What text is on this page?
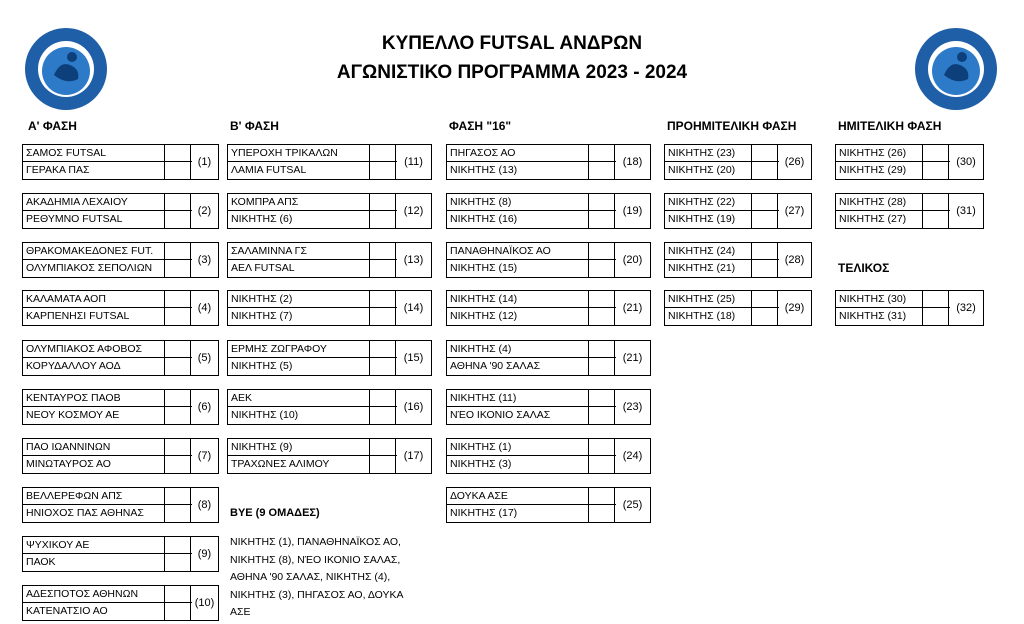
ΚΥΠΕΛΛΟ FUTSAL ΑΝΔΡΩΝ
ΑΓΩΝΙΣΤΙΚΟ ΠΡΟΓΡΑΜΜΑ 2023 - 2024
Α' ΦΑΣΗ	Β' ΦΑΣΗ	ΦΑΣΗ "16"	ΠΡΟΗΜΙΤΕΛΙΚΗ ΦΑΣΗ	ΗΜΙΤΕΛΙΚΗ ΦΑΣΗ
ΤΕΛΙΚΟΣ
BYE (9 ΟΜΑΔΕΣ)
ΝΙΚΗΤΗΣ (1), ΠΑΝΑΘΗΝΑΪΚΟΣ ΑΟ,
ΝΙΚΗΤΗΣ (8), ΝΈΟ ΙΚΟΝΙΟ ΣΑΛΑΣ,
ΑΘΗΝΑ '90 ΣΑΛΑΣ, ΝΙΚΗΤΗΣ (4),
ΝΙΚΗΤΗΣ (3), ΠΗΓΑΣΟΣ ΑΟ, ΔΟΥΚΑ
ΑΣΕ
ΣΑΜΟΣ FUTSAL
ΓΕΡΑΚΑ ΠΑΣ
(1)
ΑΚΑΔΗΜΙΑ ΛΕΧΑΙΟΥ
ΡΕΘΥΜΝΟ FUTSAL
(2)
ΘΡΑΚΟΜΑΚΕΔΟΝΕΣ FUT.
ΟΛΥΜΠΙΑΚΟΣ ΣΕΠΟΛΙΩΝ
(3)
ΚΑΛΑΜΑΤΑ ΑΟΠ
ΚΑΡΠΕΝΗΣΙ FUTSAL
(4)
ΟΛΥΜΠΙΑΚΟΣ ΑΦΟΒΟΣ
ΚΟΡΥΔΑΛΛΟΥ ΑΟΔ
(5)
ΚΕΝΤΑΥΡΟΣ ΠΑΟΒ
ΝΕΟΥ ΚΟΣΜΟΥ ΑΕ
(6)
ΠΑΟ ΙΩΑΝΝΙΝΩΝ
ΜΙΝΩΤΑΥΡΟΣ ΑΟ
(7)
ΒΕΛΛΕΡΕΦΩΝ ΑΠΣ
ΗΝΙΟΧΟΣ ΠΑΣ ΑΘΗΝΑΣ
(8)
ΨΥΧΙΚΟΥ ΑΕ
ΠΑΟΚ
(9)
ΑΔΕΣΠΟΤΟΣ ΑΘΗΝΩΝ
ΚΑΤΕΝΑΤΣΙΟ ΑΟ
(10)
ΥΠΕΡΟΧΗ ΤΡΙΚΑΛΩΝ
ΛΑΜΙΑ FUTSAL
(11)
ΚΟΜΠΡΑ ΑΠΣ
ΝΙΚΗΤΗΣ (6)
(12)
ΣΑΛΑΜΙΝΝΑ ΓΣ
ΑΕΛ FUTSAL
(13)
ΝΙΚΗΤΗΣ (2)
ΝΙΚΗΤΗΣ (7)
(14)
ΕΡΜΗΣ ΖΩΓΡΑΦΟΥ
ΝΙΚΗΤΗΣ (5)
(15)
ΑΕΚ
ΝΙΚΗΤΗΣ (10)
(16)
ΝΙΚΗΤΗΣ (9)
ΤΡΑΧΩΝΕΣ ΑΛΙΜΟΥ
(17)
ΠΗΓΑΣΟΣ ΑΟ
ΝΙΚΗΤΗΣ (13)
(18)
ΝΙΚΗΤΗΣ (8)
ΝΙΚΗΤΗΣ (16)
(19)
ΠΑΝΑΘΗΝΑΪΚΟΣ ΑΟ
ΝΙΚΗΤΗΣ (15)
(20)
ΝΙΚΗΤΗΣ (14)
ΝΙΚΗΤΗΣ (12)
(21)
ΝΙΚΗΤΗΣ (4)
ΑΘΗΝΑ '90 ΣΑΛΑΣ
(21)
ΝΙΚΗΤΗΣ (11)
ΝΈΟ ΙΚΟΝΙΟ ΣΑΛΑΣ
(23)
ΝΙΚΗΤΗΣ (1)
ΝΙΚΗΤΗΣ (3)
(24)
ΔΟΥΚΑ ΑΣΕ
ΝΙΚΗΤΗΣ (17)
(25)
ΝΙΚΗΤΗΣ (23)
ΝΙΚΗΤΗΣ (20)
(26)
ΝΙΚΗΤΗΣ (22)
ΝΙΚΗΤΗΣ (19)
(27)
ΝΙΚΗΤΗΣ (24)
ΝΙΚΗΤΗΣ (21)
(28)
ΝΙΚΗΤΗΣ (25)
ΝΙΚΗΤΗΣ (18)
(29)
ΝΙΚΗΤΗΣ (26)
ΝΙΚΗΤΗΣ (29)
(30)
ΝΙΚΗΤΗΣ (28)
ΝΙΚΗΤΗΣ (27)
(31)
ΝΙΚΗΤΗΣ (30)
ΝΙΚΗΤΗΣ (31)
(32)
